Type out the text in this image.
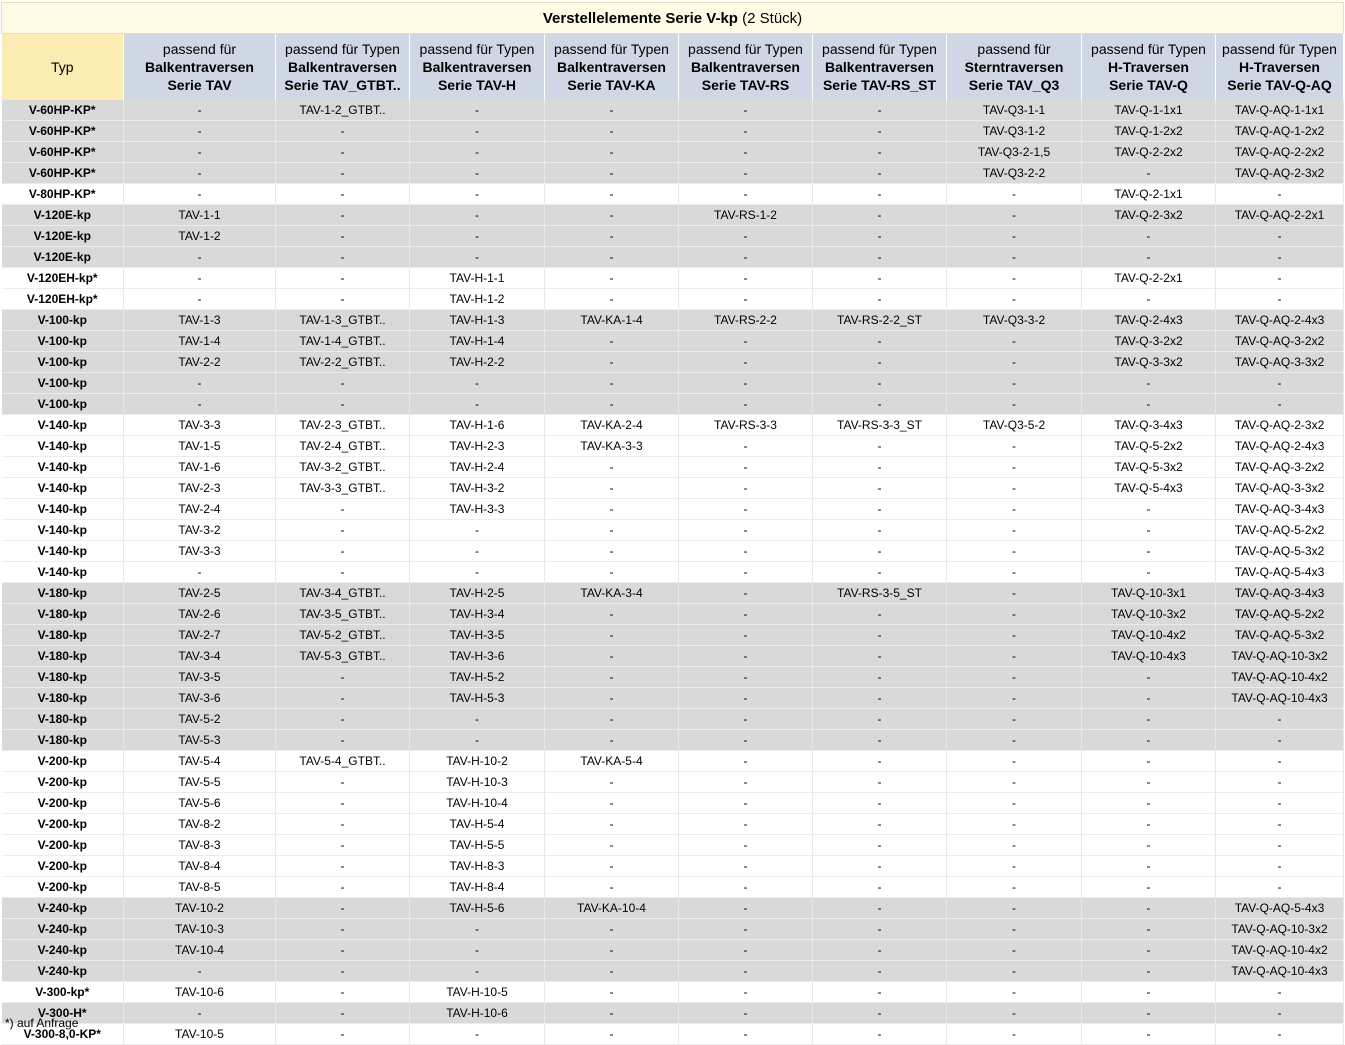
Verstellelemente Serie V-kp (2 Stück)									
Typ	passend für
Balkentraversen
Serie TAV	passend für Typen
Balkentraversen
Serie TAV_GTBT..	passend für Typen
Balkentraversen
Serie TAV-H	passend für Typen
Balkentraversen
Serie TAV-KA	passend für Typen
Balkentraversen
Serie TAV-RS	passend für Typen
Balkentraversen
Serie TAV-RS_ST	passend für
Sterntraversen
Serie TAV_Q3	passend für Typen
H-Traversen
Serie TAV-Q	passend für Typen
H-Traversen
Serie TAV-Q-AQ
V-60HP-KP*	-	TAV-1-2_GTBT..	-	-	-	-	TAV-Q3-1-1	TAV-Q-1-1x1	TAV-Q-AQ-1-1x1
V-60HP-KP*	-	-	-	-	-	-	TAV-Q3-1-2	TAV-Q-1-2x2	TAV-Q-AQ-1-2x2
V-60HP-KP*	-	-	-	-	-	-	TAV-Q3-2-1,5	TAV-Q-2-2x2	TAV-Q-AQ-2-2x2
V-60HP-KP*	-	-	-	-	-	-	TAV-Q3-2-2	-	TAV-Q-AQ-2-3x2
V-80HP-KP*	-	-	-	-	-	-	-	TAV-Q-2-1x1	-
V-120E-kp	TAV-1-1	-	-	-	TAV-RS-1-2	-	-	TAV-Q-2-3x2	TAV-Q-AQ-2-2x1
V-120E-kp	TAV-1-2	-	-	-	-	-	-	-	-
V-120E-kp	-	-	-	-	-	-	-	-	-
V-120EH-kp*	-	-	TAV-H-1-1	-	-	-	-	TAV-Q-2-2x1	-
V-120EH-kp*	-	-	TAV-H-1-2	-	-	-	-	-	-
V-100-kp	TAV-1-3	TAV-1-3_GTBT..	TAV-H-1-3	TAV-KA-1-4	TAV-RS-2-2	TAV-RS-2-2_ST	TAV-Q3-3-2	TAV-Q-2-4x3	TAV-Q-AQ-2-4x3
V-100-kp	TAV-1-4	TAV-1-4_GTBT..	TAV-H-1-4	-	-	-	-	TAV-Q-3-2x2	TAV-Q-AQ-3-2x2
V-100-kp	TAV-2-2	TAV-2-2_GTBT..	TAV-H-2-2	-	-	-	-	TAV-Q-3-3x2	TAV-Q-AQ-3-3x2
V-100-kp	-	-	-	-	-	-	-	-	-
V-100-kp	-	-	-	-	-	-	-	-	-
V-140-kp	TAV-3-3	TAV-2-3_GTBT..	TAV-H-1-6	TAV-KA-2-4	TAV-RS-3-3	TAV-RS-3-3_ST	TAV-Q3-5-2	TAV-Q-3-4x3	TAV-Q-AQ-2-3x2
V-140-kp	TAV-1-5	TAV-2-4_GTBT..	TAV-H-2-3	TAV-KA-3-3	-	-	-	TAV-Q-5-2x2	TAV-Q-AQ-2-4x3
V-140-kp	TAV-1-6	TAV-3-2_GTBT..	TAV-H-2-4	-	-	-	-	TAV-Q-5-3x2	TAV-Q-AQ-3-2x2
V-140-kp	TAV-2-3	TAV-3-3_GTBT..	TAV-H-3-2	-	-	-	-	TAV-Q-5-4x3	TAV-Q-AQ-3-3x2
V-140-kp	TAV-2-4	-	TAV-H-3-3	-	-	-	-	-	TAV-Q-AQ-3-4x3
V-140-kp	TAV-3-2	-	-	-	-	-	-	-	TAV-Q-AQ-5-2x2
V-140-kp	TAV-3-3	-	-	-	-	-	-	-	TAV-Q-AQ-5-3x2
V-140-kp	-	-	-	-	-	-	-	-	TAV-Q-AQ-5-4x3
V-180-kp	TAV-2-5	TAV-3-4_GTBT..	TAV-H-2-5	TAV-KA-3-4	-	TAV-RS-3-5_ST	-	TAV-Q-10-3x1	TAV-Q-AQ-3-4x3
V-180-kp	TAV-2-6	TAV-3-5_GTBT..	TAV-H-3-4	-	-	-	-	TAV-Q-10-3x2	TAV-Q-AQ-5-2x2
V-180-kp	TAV-2-7	TAV-5-2_GTBT..	TAV-H-3-5	-	-	-	-	TAV-Q-10-4x2	TAV-Q-AQ-5-3x2
V-180-kp	TAV-3-4	TAV-5-3_GTBT..	TAV-H-3-6	-	-	-	-	TAV-Q-10-4x3	TAV-Q-AQ-10-3x2
V-180-kp	TAV-3-5	-	TAV-H-5-2	-	-	-	-	-	TAV-Q-AQ-10-4x2
V-180-kp	TAV-3-6	-	TAV-H-5-3	-	-	-	-	-	TAV-Q-AQ-10-4x3
V-180-kp	TAV-5-2	-	-	-	-	-	-	-	-
V-180-kp	TAV-5-3	-	-	-	-	-	-	-	-
V-200-kp	TAV-5-4	TAV-5-4_GTBT..	TAV-H-10-2	TAV-KA-5-4	-	-	-	-	-
V-200-kp	TAV-5-5	-	TAV-H-10-3	-	-	-	-	-	-
V-200-kp	TAV-5-6	-	TAV-H-10-4	-	-	-	-	-	-
V-200-kp	TAV-8-2	-	TAV-H-5-4	-	-	-	-	-	-
V-200-kp	TAV-8-3	-	TAV-H-5-5	-	-	-	-	-	-
V-200-kp	TAV-8-4	-	TAV-H-8-3	-	-	-	-	-	-
V-200-kp	TAV-8-5	-	TAV-H-8-4	-	-	-	-	-	-
V-240-kp	TAV-10-2	-	TAV-H-5-6	TAV-KA-10-4	-	-	-	-	TAV-Q-AQ-5-4x3
V-240-kp	TAV-10-3	-	-	-	-	-	-	-	TAV-Q-AQ-10-3x2
V-240-kp	TAV-10-4	-	-	-	-	-	-	-	TAV-Q-AQ-10-4x2
V-240-kp	-	-	-	-	-	-	-	-	TAV-Q-AQ-10-4x3
V-300-kp*	TAV-10-6	-	TAV-H-10-5	-	-	-	-	-	-
V-300-H*	-	-	TAV-H-10-6	-	-	-	-	-	-
V-300-8,0-KP*	TAV-10-5	-	-	-	-	-	-	-	-
*) auf Anfrage
